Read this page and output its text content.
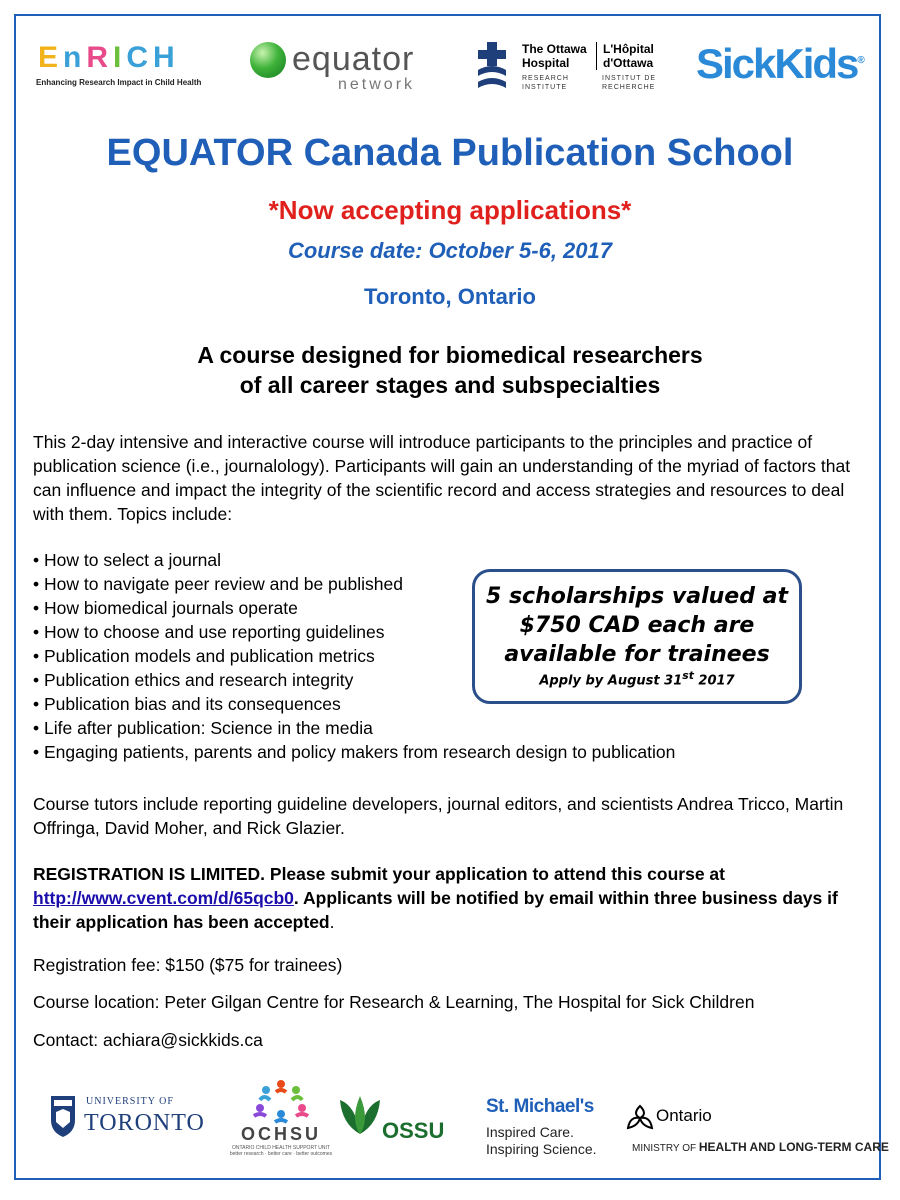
E n R I C H
Enhancing Research Impact in Child Health
equator
network
The Ottawa
Hospital
L'Hôpital
d'Ottawa
RESEARCH
INSTITUTE
INSTITUT DE
RECHERCHE
SickKids®
EQUATOR Canada Publication School
*Now accepting applications*
Course date: October 5-6, 2017
Toronto, Ontario
A course designed for biomedical researchers
of all career stages and subspecialties
This 2-day intensive and interactive course will introduce participants to the principles and practice of publication science (i.e., journalology). Participants will gain an understanding of the myriad of factors that can influence and impact the integrity of the scientific record and access strategies and resources to deal with them. Topics include:
• How to select a journal
• How to navigate peer review and be published
• How biomedical journals operate
• How to choose and use reporting guidelines
• Publication models and publication metrics
• Publication ethics and research integrity
• Publication bias and its consequences
• Life after publication: Science in the media
• Engaging patients, parents and policy makers from research design to publication
5 scholarships valued at
$750 CAD each are
available for trainees
Apply by August 31st 2017
Course tutors include reporting guideline developers, journal editors, and scientists Andrea Tricco, Martin Offringa, David Moher, and Rick Glazier.
REGISTRATION IS LIMITED. Please submit your application to attend this course at http://www.cvent.com/d/65qcb0. Applicants will be notified by email within three business days if their application has been accepted.
Registration fee: $150 ($75 for trainees)
Course location: Peter Gilgan Centre for Research & Learning, The Hospital for Sick Children
Contact: achiara@sickkids.ca
UNIVERSITY OF
TORONTO	OCHSU
ONTARIO CHILD HEALTH SUPPORT UNIT
better research · better care · better outcomes
OSSU
St. Michael's
Inspired Care.
Inspiring Science.
Ontario
MINISTRY OF HEALTH AND LONG-TERM CARE
